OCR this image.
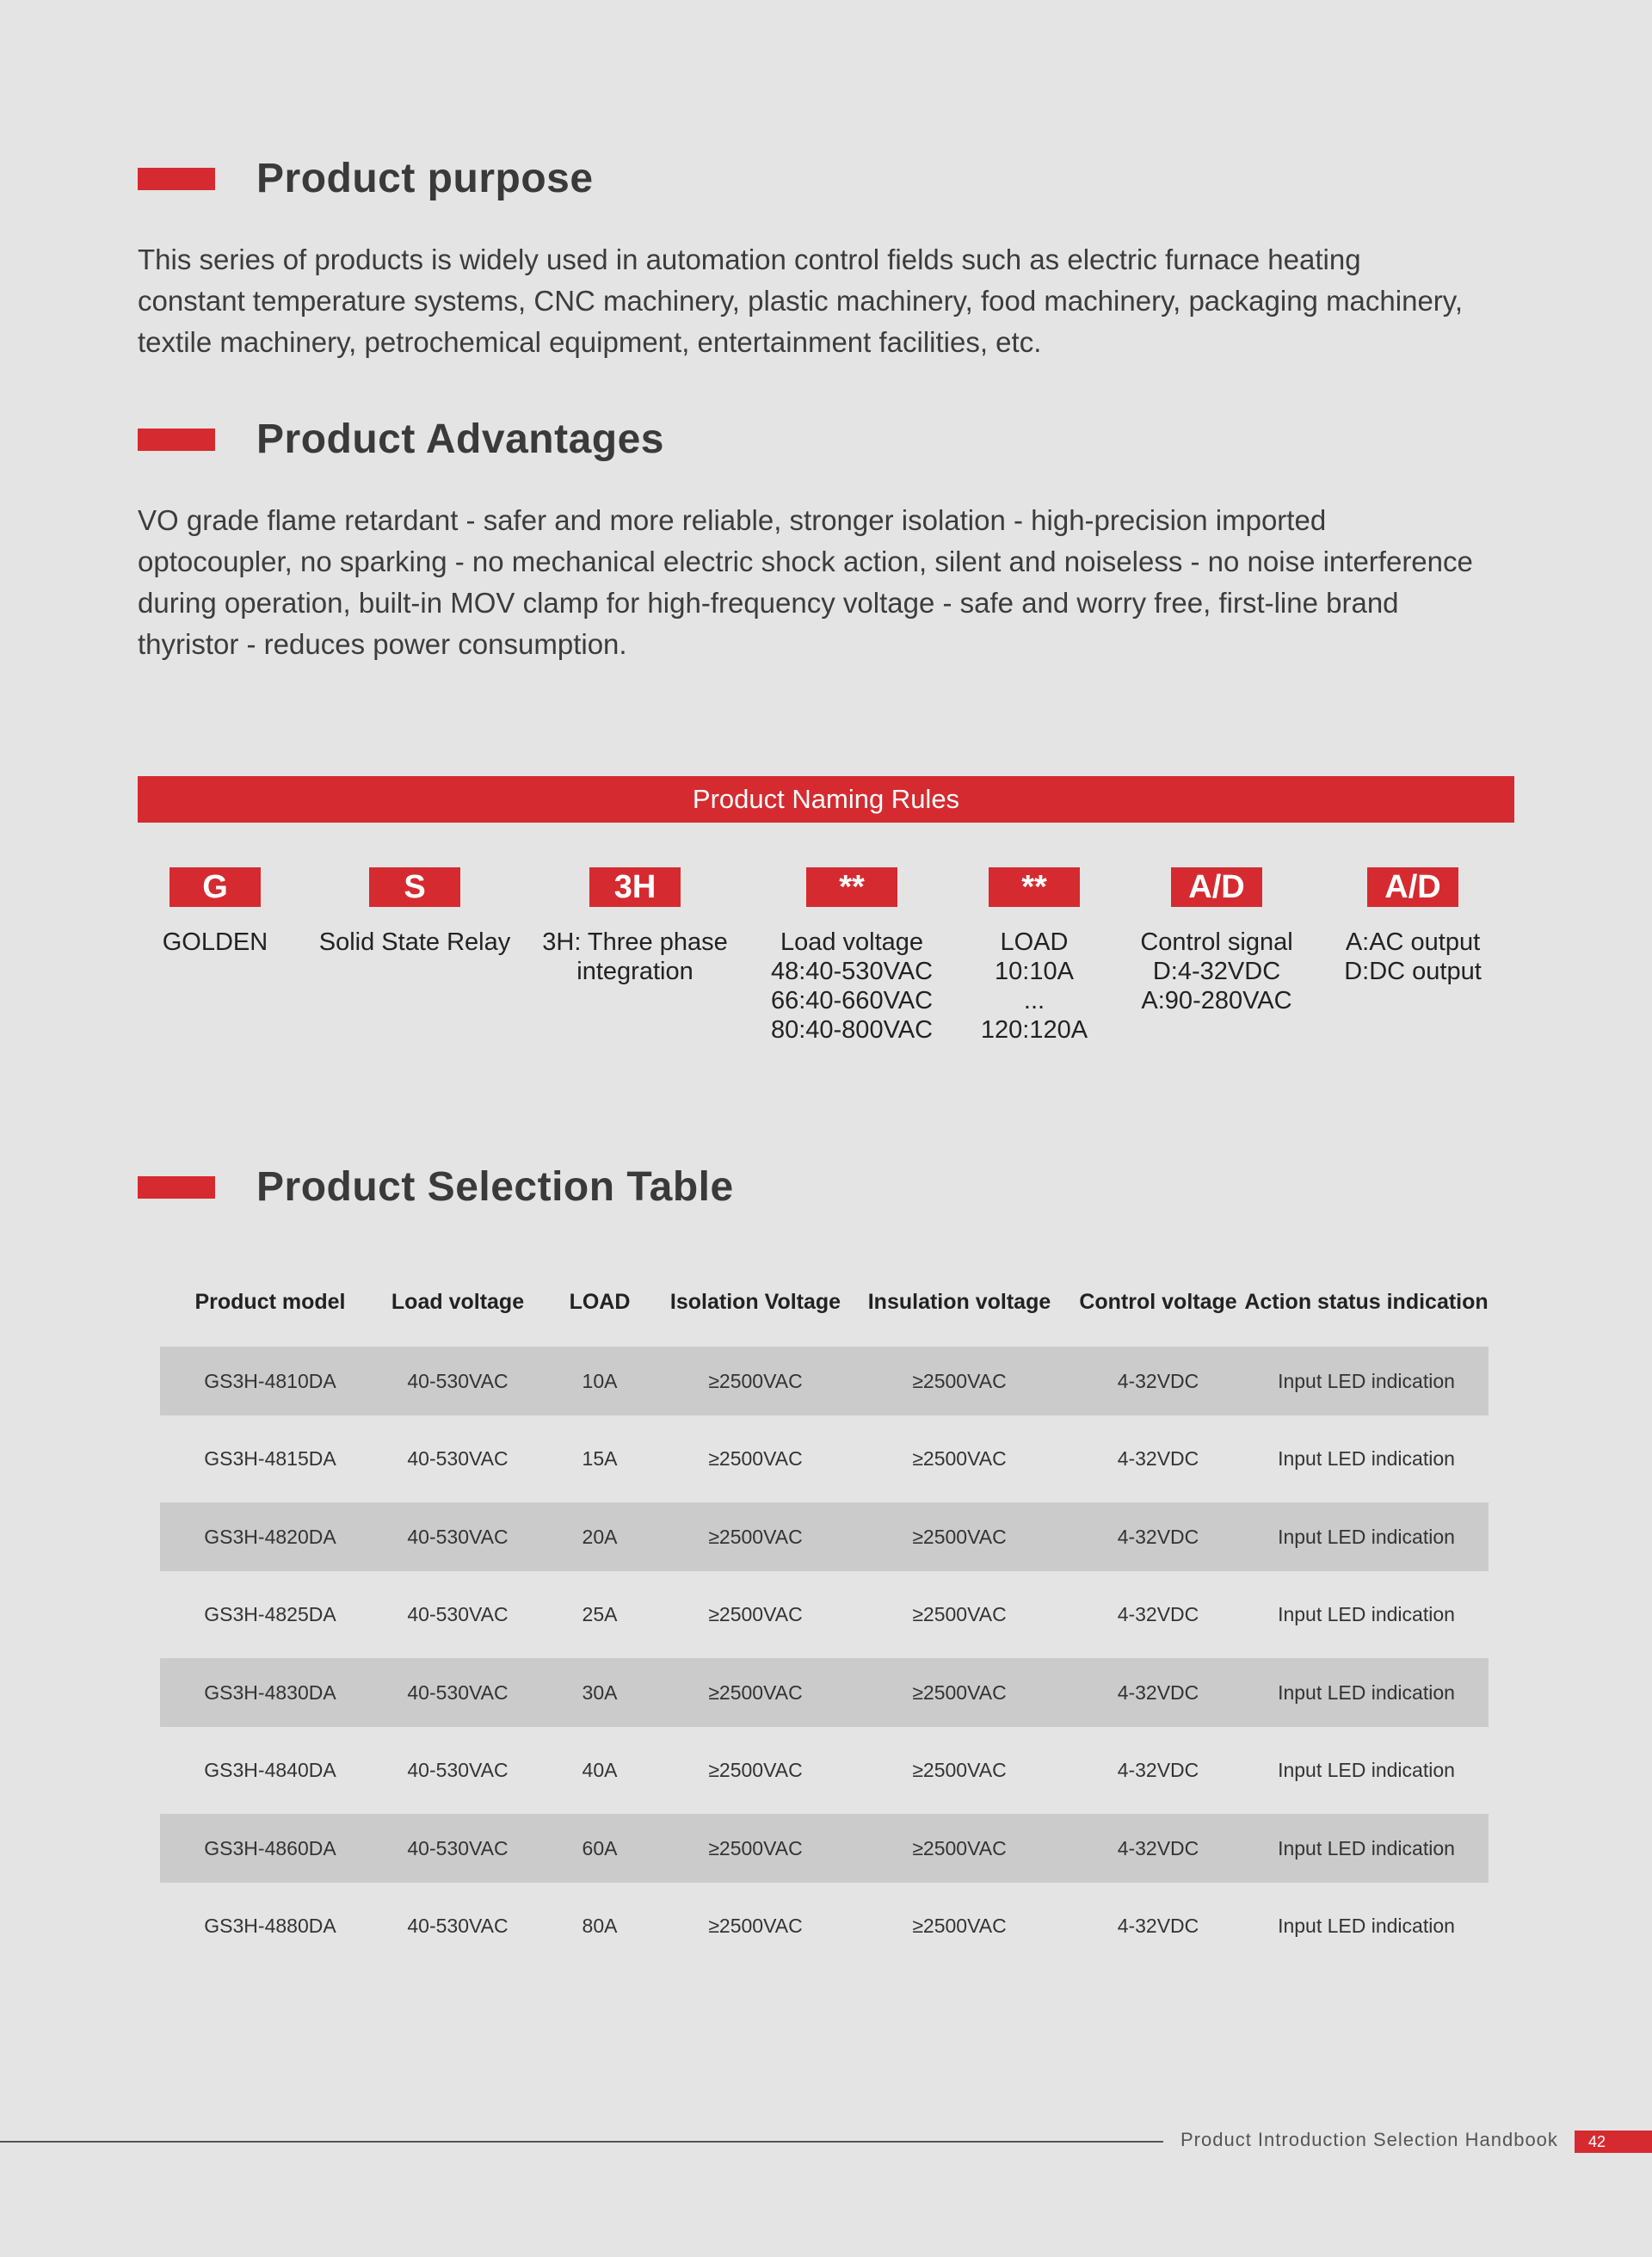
Product purpose

This series of products is widely used in automation control fields such as electric furnace heating constant temperature systems, CNC machinery, plastic machinery, food machinery, packaging machinery, textile machinery, petrochemical equipment, entertainment facilities, etc.

Product Advantages

VO grade flame retardant - safer and more reliable, stronger isolation - high-precision imported optocoupler, no sparking - no mechanical electric shock action, silent and noiseless - no noise interference during operation, built-in MOV clamp for high-frequency voltage - safe and worry free, first-line brand thyristor - reduces power consumption.

Product Naming Rules
G
GOLDEN
S
Solid State Relay
3H
3H: Three phase integration
**
Load voltage
48:40-530VAC
66:40-660VAC
80:40-800VAC
**
LOAD
10:10A
...
120:120A
A/D
Control signal
D:4-32VDC
A:90-280VAC
A/D
A:AC output
D:DC output
Product Selection Table
Product model	Load voltage	LOAD	Isolation Voltage	Insulation voltage	Control voltage	Action status indication
GS3H-4810DA	40-530VAC	10A	≥2500VAC	≥2500VAC	4-32VDC	Input LED indication
GS3H-4815DA	40-530VAC	15A	≥2500VAC	≥2500VAC	4-32VDC	Input LED indication
GS3H-4820DA	40-530VAC	20A	≥2500VAC	≥2500VAC	4-32VDC	Input LED indication
GS3H-4825DA	40-530VAC	25A	≥2500VAC	≥2500VAC	4-32VDC	Input LED indication
GS3H-4830DA	40-530VAC	30A	≥2500VAC	≥2500VAC	4-32VDC	Input LED indication
GS3H-4840DA	40-530VAC	40A	≥2500VAC	≥2500VAC	4-32VDC	Input LED indication
GS3H-4860DA	40-530VAC	60A	≥2500VAC	≥2500VAC	4-32VDC	Input LED indication
GS3H-4880DA	40-530VAC	80A	≥2500VAC	≥2500VAC	4-32VDC	Input LED indication
Product Introduction Selection Handbook	42
